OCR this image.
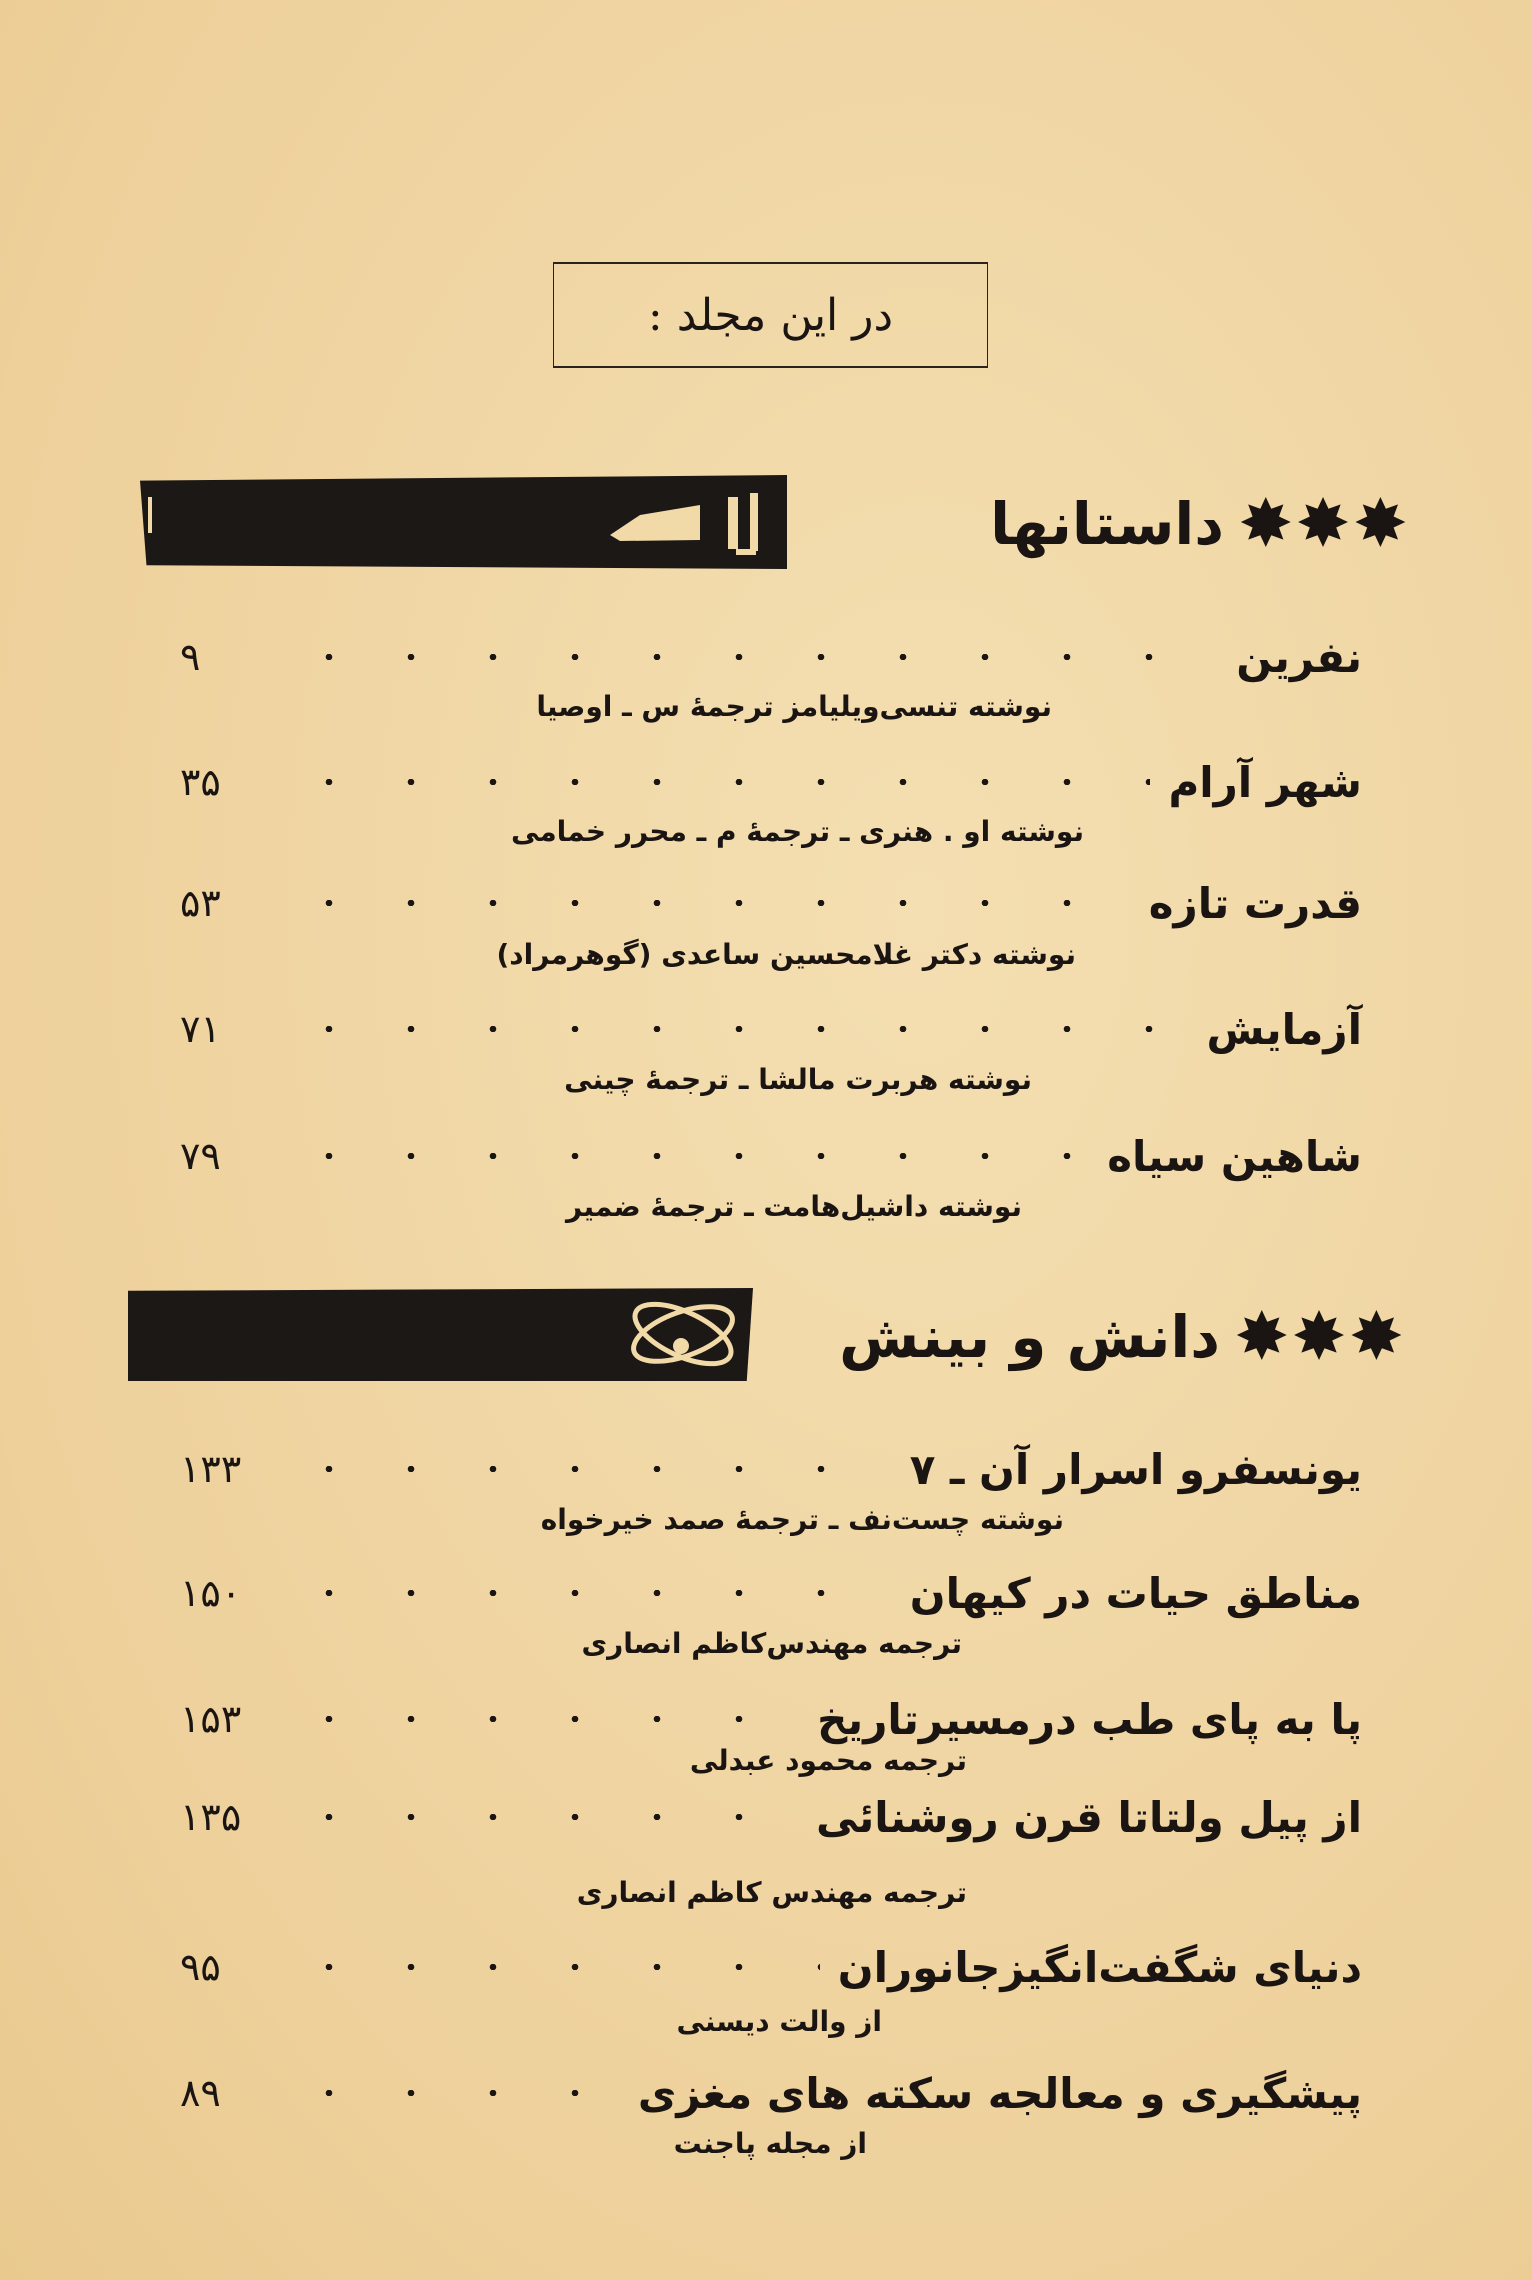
در این مجلد :
✸
✸
✸
داستانها
نفرین
۹
نوشته تنسی‌ویلیامز ترجمهٔ س ـ اوصیا
شهر آرام
۳۵
نوشته او . هنری ـ ترجمهٔ م ـ محرر خمامی
قدرت تازه
۵۳
نوشته دکتر غلامحسین ساعدی (گوهرمراد)
آزمایش
۷۱
نوشته هربرت مالشا ـ ترجمهٔ چینی
شاهین سیاه
۷۹
نوشته داشیل‌هامت ـ ترجمهٔ ضمیر
✸
✸
✸
دانش و بینش
یونسفرو اسرار آن ـ ۷
۱۳۳
نوشته چست‌نف ـ ترجمهٔ صمد خیرخواه
مناطق حیات در کیهان
۱۵۰
ترجمه مهندس‌کاظم انصاری
پا به پای طب درمسیرتاریخ
۱۵۳
ترجمه محمود عبدلی
از پیل ولتاتا قرن روشنائی
۱۳۵
ترجمه مهندس کاظم انصاری
دنیای شگفت‌انگیزجانوران
۹۵
از والت دیسنی
پیشگیری و معالجه سکته های مغزی
۸۹
از مجله پاجنت
